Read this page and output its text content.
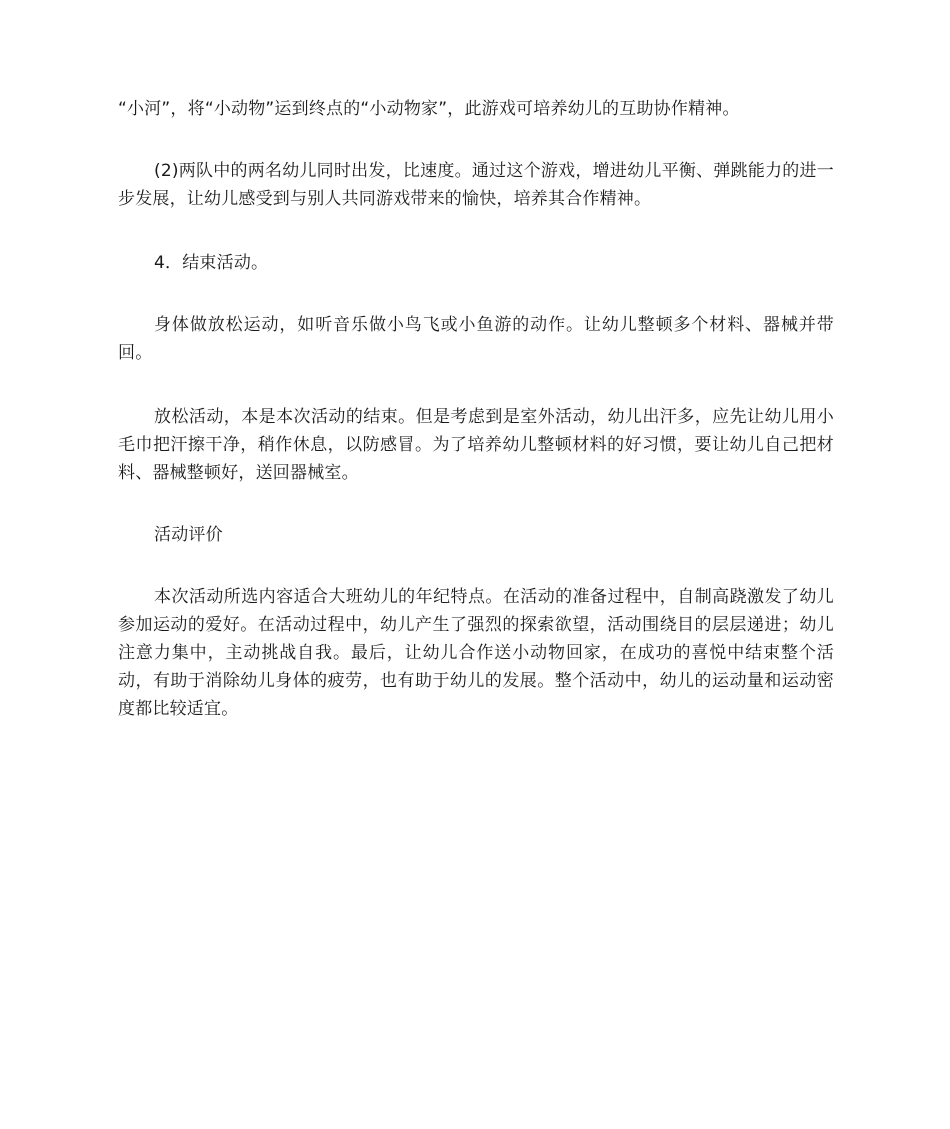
“小河”，将“小动物”运到终点的“小动物家”，此游戏可培养幼儿的互助协作精神。

(2)两队中的两名幼儿同时出发，比速度。通过这个游戏，增进幼儿平衡、弹跳能力的进一步发展，让幼儿感受到与别人共同游戏带来的愉快，培养其合作精神。

4．结束活动。

身体做放松运动，如听音乐做小鸟飞或小鱼游的动作。让幼儿整顿多个材料、器械并带回。

放松活动，本是本次活动的结束。但是考虑到是室外活动，幼儿出汗多，应先让幼儿用小毛巾把汗擦干净，稍作休息，以防感冒。为了培养幼儿整顿材料的好习惯，要让幼儿自己把材料、器械整顿好，送回器械室。

活动评价

本次活动所选内容适合大班幼儿的年纪特点。在活动的准备过程中，自制高跷激发了幼儿参加运动的爱好。在活动过程中，幼儿产生了强烈的探索欲望，活动围绕目的层层递进；幼儿注意力集中，主动挑战自我。最后，让幼儿合作送小动物回家，在成功的喜悦中结束整个活动，有助于消除幼儿身体的疲劳，也有助于幼儿的发展。整个活动中，幼儿的运动量和运动密度都比较适宜。
